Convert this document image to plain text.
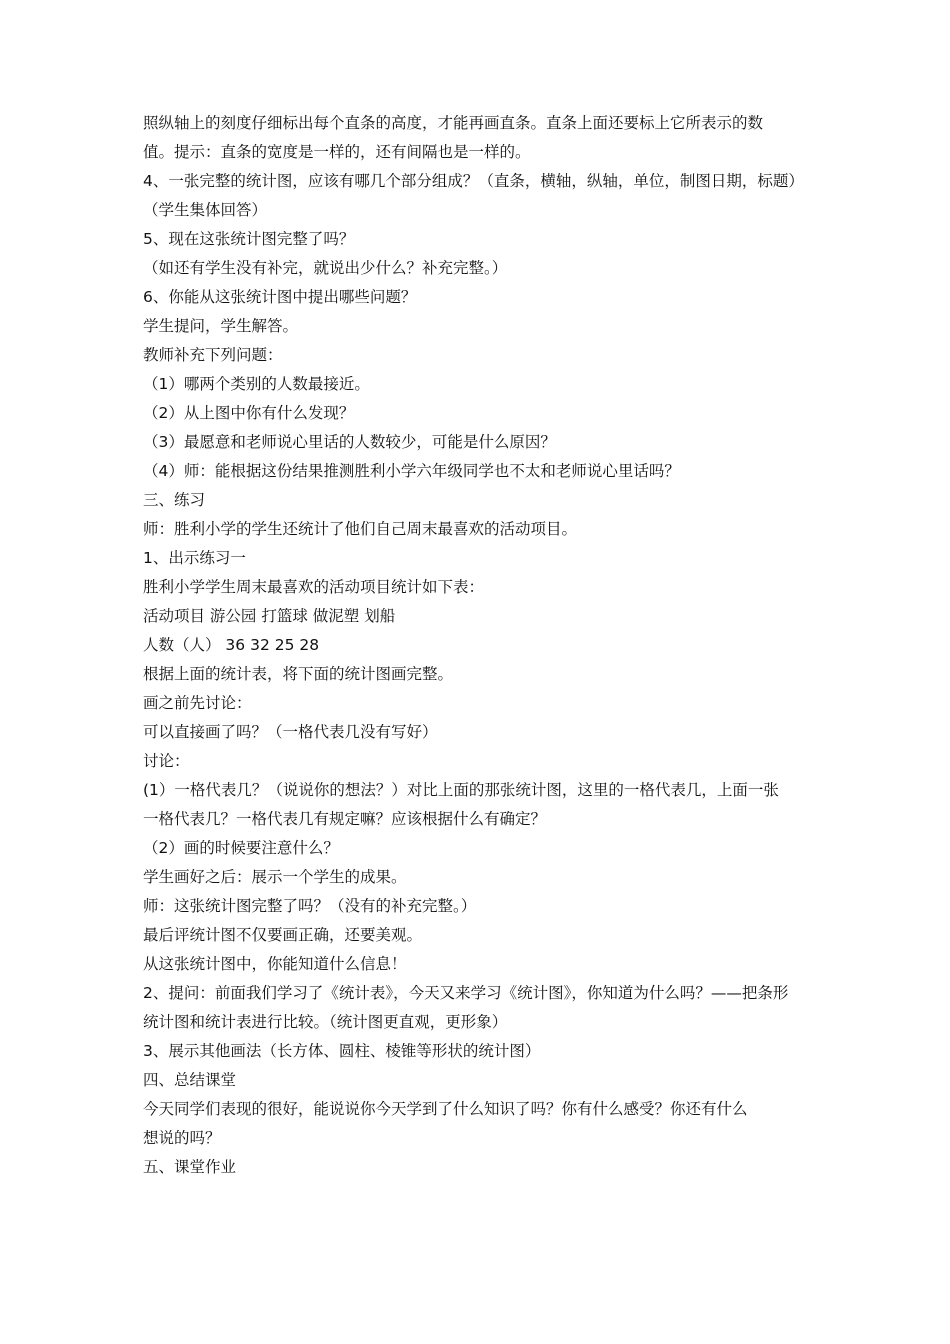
照纵轴上的刻度仔细标出每个直条的高度，才能再画直条。直条上面还要标上它所表示的数
值。提示：直条的宽度是一样的，还有间隔也是一样的。
4、一张完整的统计图，应该有哪几个部分组成？（直条，横轴，纵轴，单位，制图日期，标题）
（学生集体回答）
5、现在这张统计图完整了吗？
（如还有学生没有补完，就说出少什么？补充完整。）
6、你能从这张统计图中提出哪些问题？
学生提问，学生解答。
教师补充下列问题：
（1）哪两个类别的人数最接近。
（2）从上图中你有什么发现？
（3）最愿意和老师说心里话的人数较少，可能是什么原因？
（4）师：能根据这份结果推测胜利小学六年级同学也不太和老师说心里话吗？
三、练习
师：胜利小学的学生还统计了他们自己周末最喜欢的活动项目。
1、出示练习一
胜利小学学生周末最喜欢的活动项目统计如下表：
活动项目 游公园 打篮球 做泥塑 划船
人数（人） 36 32 25 28
根据上面的统计表，将下面的统计图画完整。
画之前先讨论：
可以直接画了吗？（一格代表几没有写好）
讨论：
(1）一格代表几？（说说你的想法？）对比上面的那张统计图，这里的一格代表几，上面一张
一格代表几？一格代表几有规定嘛？应该根据什么有确定？
（2）画的时候要注意什么？
学生画好之后：展示一个学生的成果。
师：这张统计图完整了吗？（没有的补充完整。）
最后评统计图不仅要画正确，还要美观。
从这张统计图中，你能知道什么信息！
2、提问：前面我们学习了《统计表》，今天又来学习《统计图》，你知道为什么吗？——把条形
统计图和统计表进行比较。（统计图更直观，更形象）
3、展示其他画法（长方体、圆柱、棱锥等形状的统计图）
四、总结课堂
今天同学们表现的很好，能说说你今天学到了什么知识了吗？你有什么感受？你还有什么
想说的吗？
五、课堂作业
